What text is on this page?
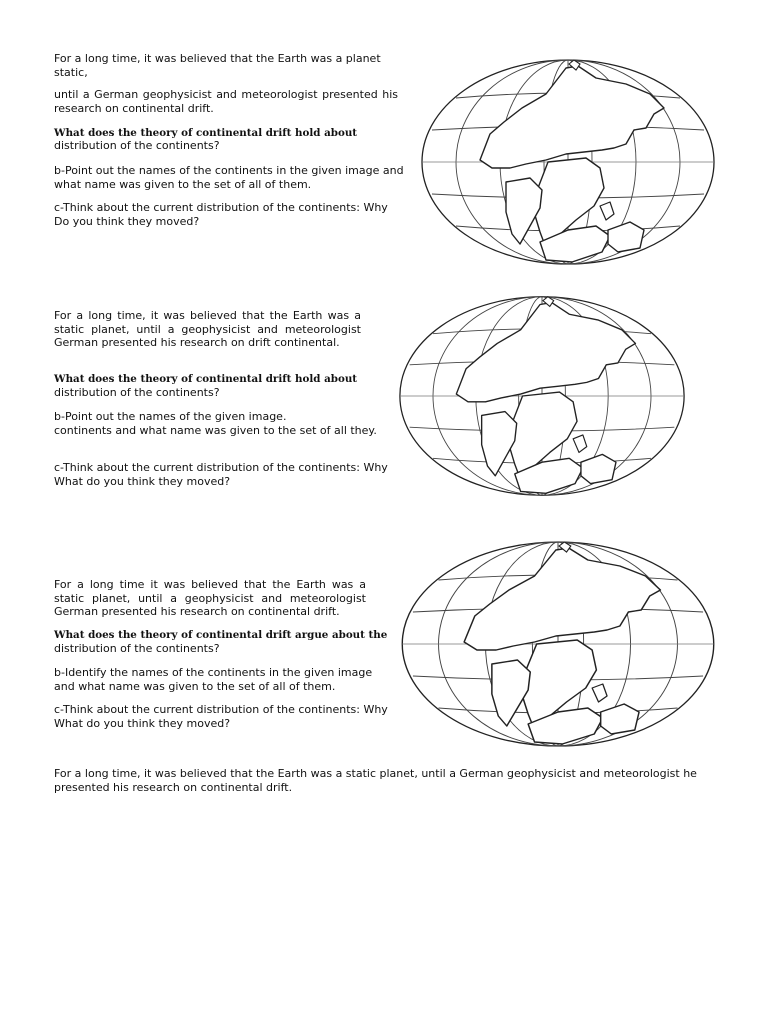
For a long time, it was believed that the Earth was a planet static,

until a German geophysicist and meteorologist presented his research on continental drift.

What does the theory of continental drift hold about

distribution of the continents?

b-Point out the names of the continents in the given image and what name was given to the set of all of them.

c-Think about the current distribution of the continents: Why Do you think they moved?

For a long time, it was believed that the Earth was a static planet, until a geophysicist and meteorologist German presented his research on drift continental.

What does the theory of continental drift hold about

distribution of the continents?

b-Point out the names of the given image.

continents and what name was given to the set of all they.

c-Think about the current distribution of the continents: Why What do you think they moved?

For a long time it was believed that the Earth was a static planet, until a geophysicist and meteorologist German presented his research on continental drift.

What does the theory of continental drift argue about the

distribution of the continents?

b-Identify the names of the continents in the given image and what name was given to the set of all of them.

c-Think about the current distribution of the continents: Why What do you think they moved?

For a long time, it was believed that the Earth was a static planet, until a German geophysicist and meteorologist he presented his research on continental drift.
